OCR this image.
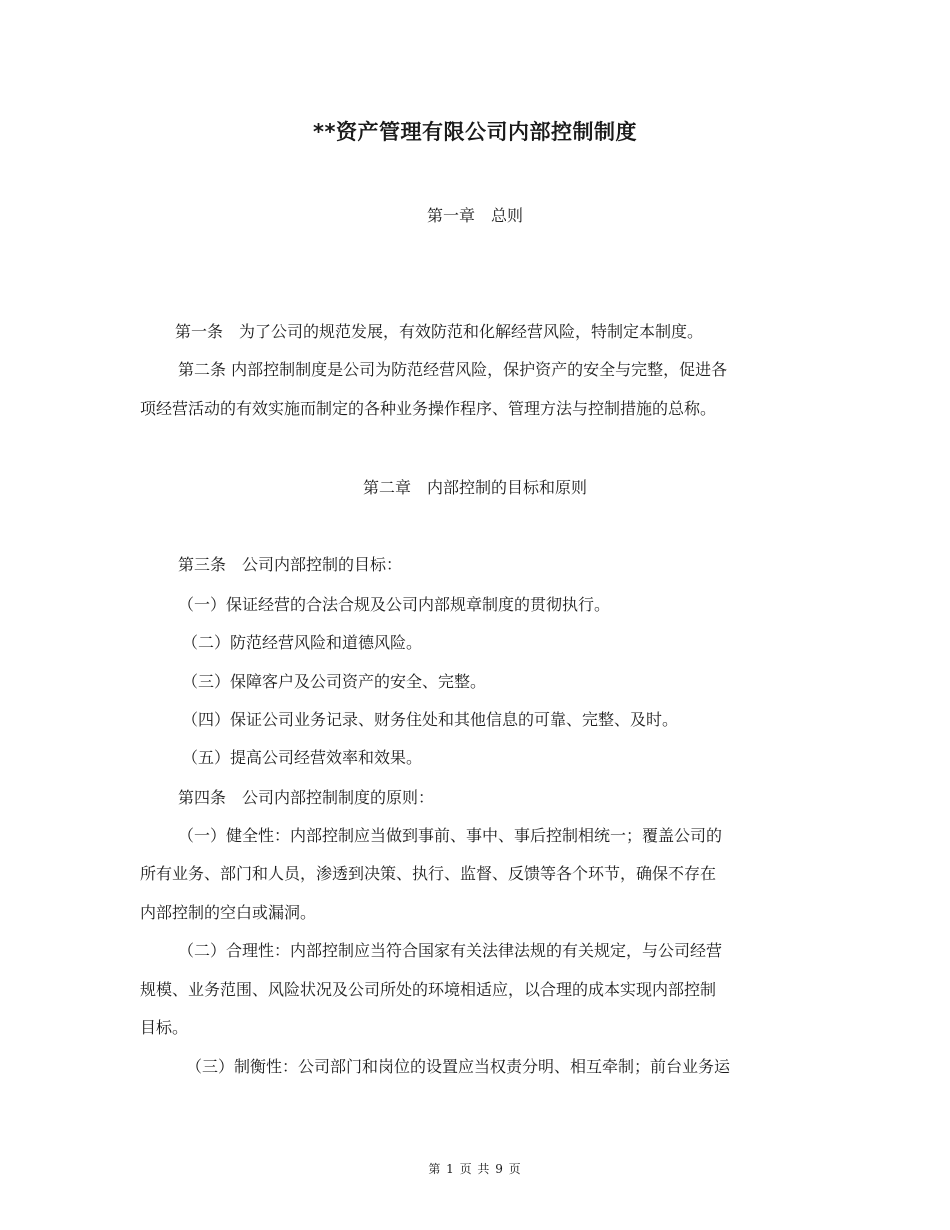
**资产管理有限公司内部控制制度
第一章　总则
第一条　为了公司的规范发展，有效防范和化解经营风险，特制定本制度。
第二条 内部控制制度是公司为防范经营风险，保护资产的安全与完整，促进各
项经营活动的有效实施而制定的各种业务操作程序、管理方法与控制措施的总称。
第二章　内部控制的目标和原则
第三条　公司内部控制的目标：
（一）保证经营的合法合规及公司内部规章制度的贯彻执行。
（二）防范经营风险和道德风险。
（三）保障客户及公司资产的安全、完整。
（四）保证公司业务记录、财务住处和其他信息的可靠、完整、及时。
（五）提高公司经营效率和效果。
第四条　公司内部控制制度的原则：
（一）健全性：内部控制应当做到事前、事中、事后控制相统一；覆盖公司的
所有业务、部门和人员，渗透到决策、执行、监督、反馈等各个环节，确保不存在
内部控制的空白或漏洞。
（二）合理性：内部控制应当符合国家有关法律法规的有关规定，与公司经营
规模、业务范围、风险状况及公司所处的环境相适应，以合理的成本实现内部控制
目标。
（三）制衡性：公司部门和岗位的设置应当权责分明、相互牵制；前台业务运
第 1 页 共 9 页
